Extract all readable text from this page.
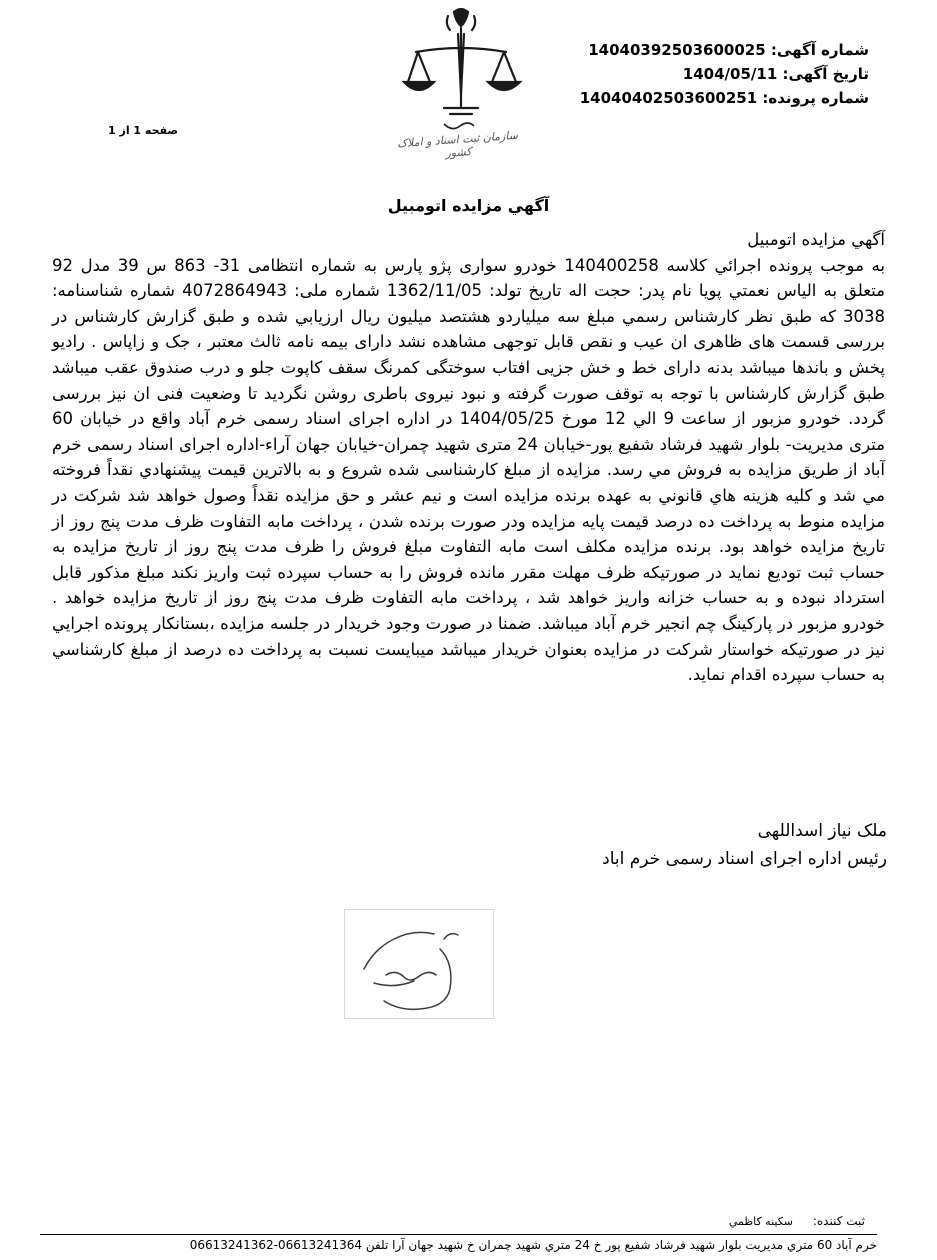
شماره آگهی: 14040392503600025
تاریخ آگهی: 1404/05/11
شماره پرونده: 14040402503600251
صفحه 1 از 1	سازمان ثبت اسناد و املاک کشور
آگهي مزايده اتومبيل

آگهي مزايده اتومبيل

به موجب پرونده اجرائي كلاسه 140400258 خودرو سواری پژو پارس به شماره انتظامی 31- 863 س 39 مدل 92 متعلق به الياس نعمتي پويا نام پدر: حجت اله تاريخ تولد: 1362/11/05 شماره ملی: 4072864943 شماره شناسنامه: 3038 كه طبق نظر كارشناس رسمي مبلغ سه ميلياردو هشتصد ميليون ريال ارزيابي شده و طبق گزارش كارشناس در بررسی قسمت های ظاهری ان عيب و نقص قابل توجهی مشاهده نشد دارای بيمه نامه ثالث معتبر ، جک و زاپاس . راديو پخش و باندها ميباشد بدنه دارای خط و خش جزيی افتاب سوختگی كمرنگ سقف كاپوت جلو و درب صندوق عقب ميباشد طبق گزارش كارشناس با توجه به توقف صورت گرفته و نبود نيروی باطری روشن نگرديد تا وضعيت فنی ان نيز بررسی گردد. خودرو مزبور از ساعت 9 الي 12 مورخ 1404/05/25 در اداره اجرای اسناد رسمی خرم آباد واقع در خيابان 60 متری مديريت- بلوار شهيد فرشاد شفيع پور-خيابان 24 متری شهيد چمران-خيابان جهان آراء-اداره اجرای اسناد رسمی خرم آباد از طريق مزايده به فروش مي رسد. مزايده از مبلغ كارشناسی شده شروع و به بالاترين قيمت پيشنهادي نقداً فروخته مي شد و كليه هزينه هاي قانوني به عهده برنده مزايده است و نيم عشر و حق مزايده نقداً وصول خواهد شد شركت در مزايده منوط به پرداخت ده درصد قيمت پايه مزايده ودر صورت برنده شدن ، پرداخت مابه التفاوت ظرف مدت پنج روز از تاريخ مزايده خواهد بود. برنده مزايده مكلف است مابه التفاوت مبلغ فروش را ظرف مدت پنج روز از تاريخ مزايده به حساب ثبت توديع نمايد در صورتيكه ظرف مهلت مقرر مانده فروش را به حساب سپرده ثبت واريز نكند مبلغ مذكور قابل استرداد نبوده و به حساب خزانه واريز خواهد شد ، پرداخت مابه التفاوت ظرف مدت پنج روز از تاريخ مزايده خواهد . خودرو مزبور در پاركينگ چم انجير خرم آباد ميباشد. ضمنا در صورت وجود خريدار در جلسه مزايده ،بستانكار پرونده اجرايي نيز در صورتيكه خواستار شركت در مزايده بعنوان خريدار ميباشد ميبايست نسبت به پرداخت ده درصد از مبلغ كارشناسي به حساب سپرده اقدام نمايد.

ملک نياز اسداللهی
رئيس اداره اجرای اسناد رسمی خرم اباد
ثبت كننده: سكينه كاظمي
خرم آباد 60 متري مديريت بلوار شهيد فرشاد شفيع پور خ 24 متري شهيد چمران خ شهيد جهان آرا تلفن 06613241364-06613241362
